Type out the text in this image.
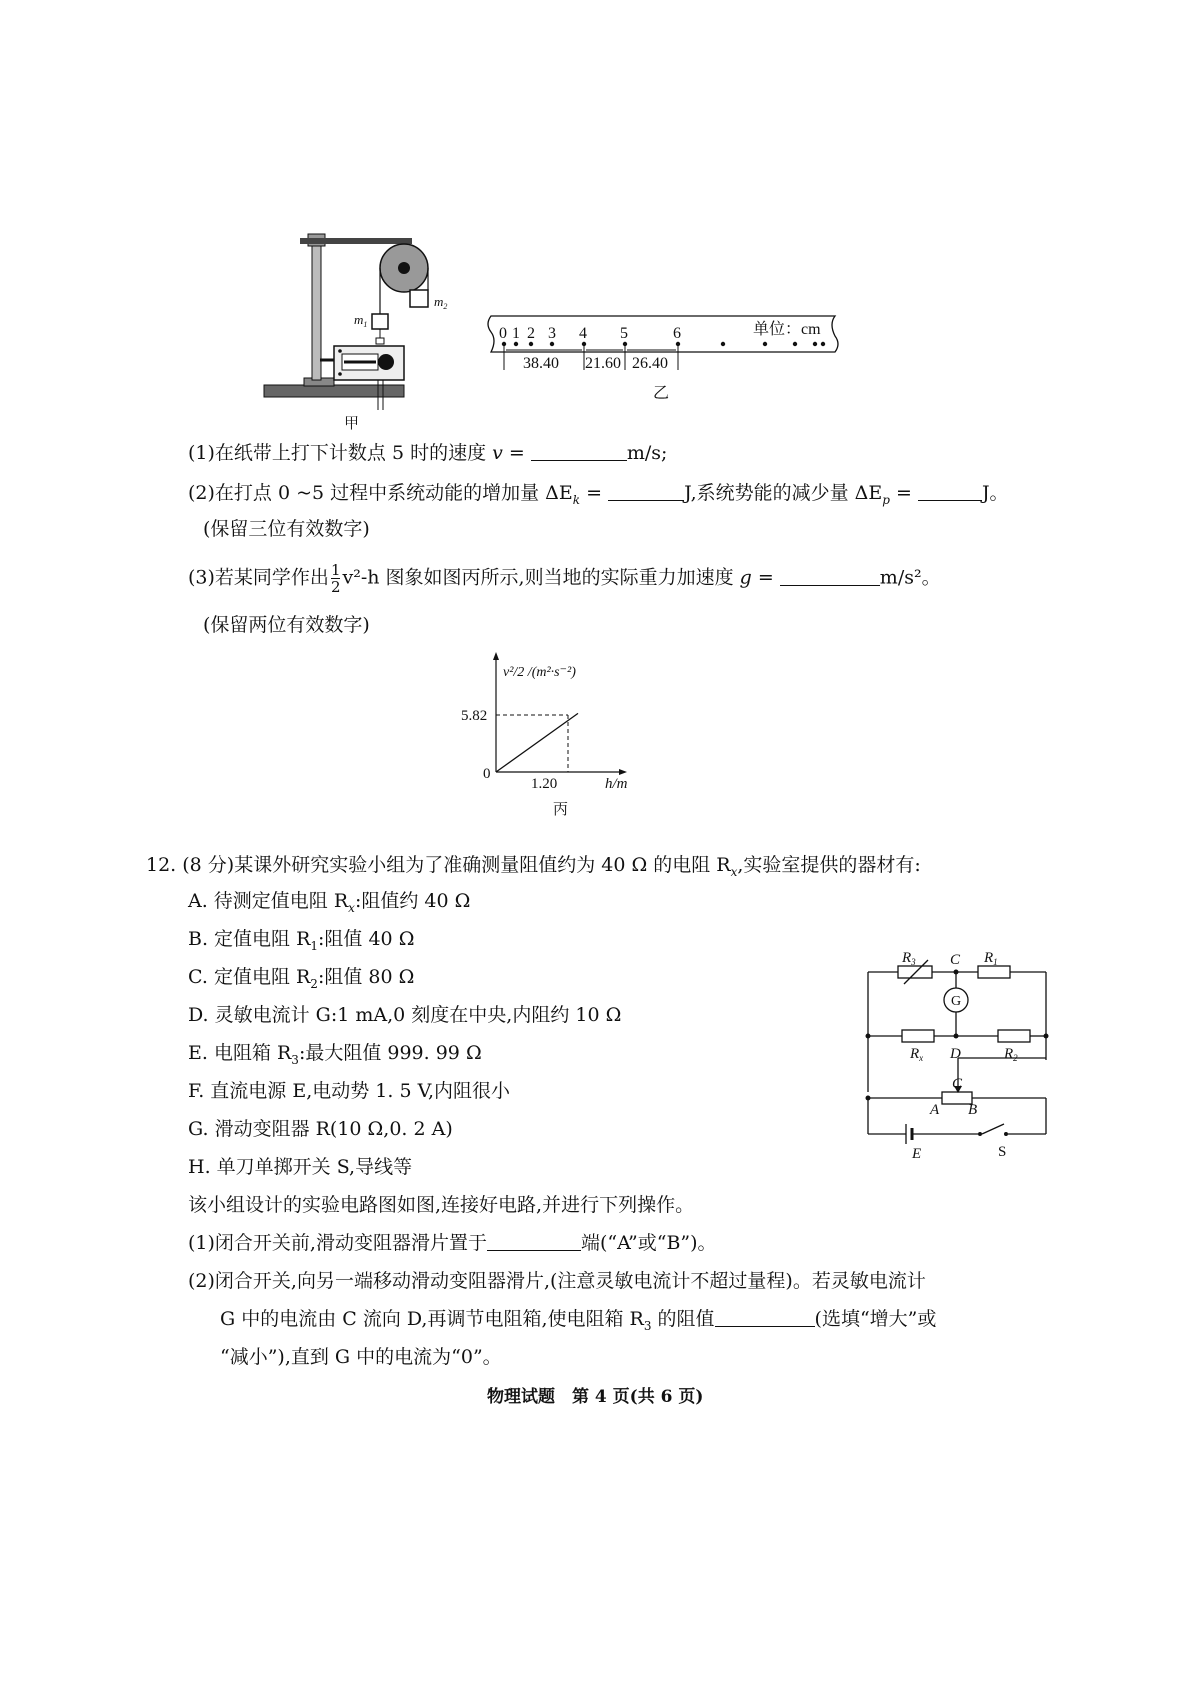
$m_2$
$m_1$
甲
0 1 2 3 4 5	6	单位：cm
38.40 21.60 26.40
乙
(1)在纸带上打下计数点 5 时的速度 v =	m/s;
(2)在打点 0 ~5 过程中系统动能的增加量 $\Delta E_k$ =	J,系统势能的减少量 $\Delta E_p$ =	J。
(保留三位有效数字)
(3)若某同学作出 $\frac{1}{2} v^2-h$ 图象如图丙所示,则当地的实际重力加速度 g =	m/s²。
(保留两位有效数字)
5.82
0
1.20	h/m
v²/2 /(m²·s⁻²)
丙
12. (8 分)某课外研究实验小组为了准确测量阻值约为 40 Ω 的电阻 $R_x$,实验室提供的器材有:
A. 待测定值电阻 $R_x$:阻值约 40 Ω
B. 定值电阻 $R_1$:阻值 40 Ω
C. 定值电阻 $R_2$:阻值 80 Ω
D. 灵敏电流计 G:1 mA,0 刻度在中央,内阻约 10 Ω
E. 电阻箱 $R_3$:最大阻值 999. 99 Ω
F. 直流电源 E,电动势 1. 5 V,内阻很小
G. 滑动变阻器 R(10 Ω,0. 2 A)
H. 单刀单掷开关 S,导线等
该小组设计的实验电路图如图,连接好电路,并进行下列操作。
(1)闭合开关前,滑动变阻器滑片置于	端(“A”或“B”)。
(2)闭合开关,向另一端移动滑动变阻器滑片,(注意灵敏电流计不超过量程)。若灵敏电流计
G 中的电流由 C 流向 D,再调节电阻箱,使电阻箱 $R_3$ 的阻值	(选填“增大”或
“减小”),直到 G 中的电流为“0”。
$R_3$ C $R_1$
G
$R_x$ D	$R_2$
C
A B
E	S
物理试题　第 4 页(共 6 页)
